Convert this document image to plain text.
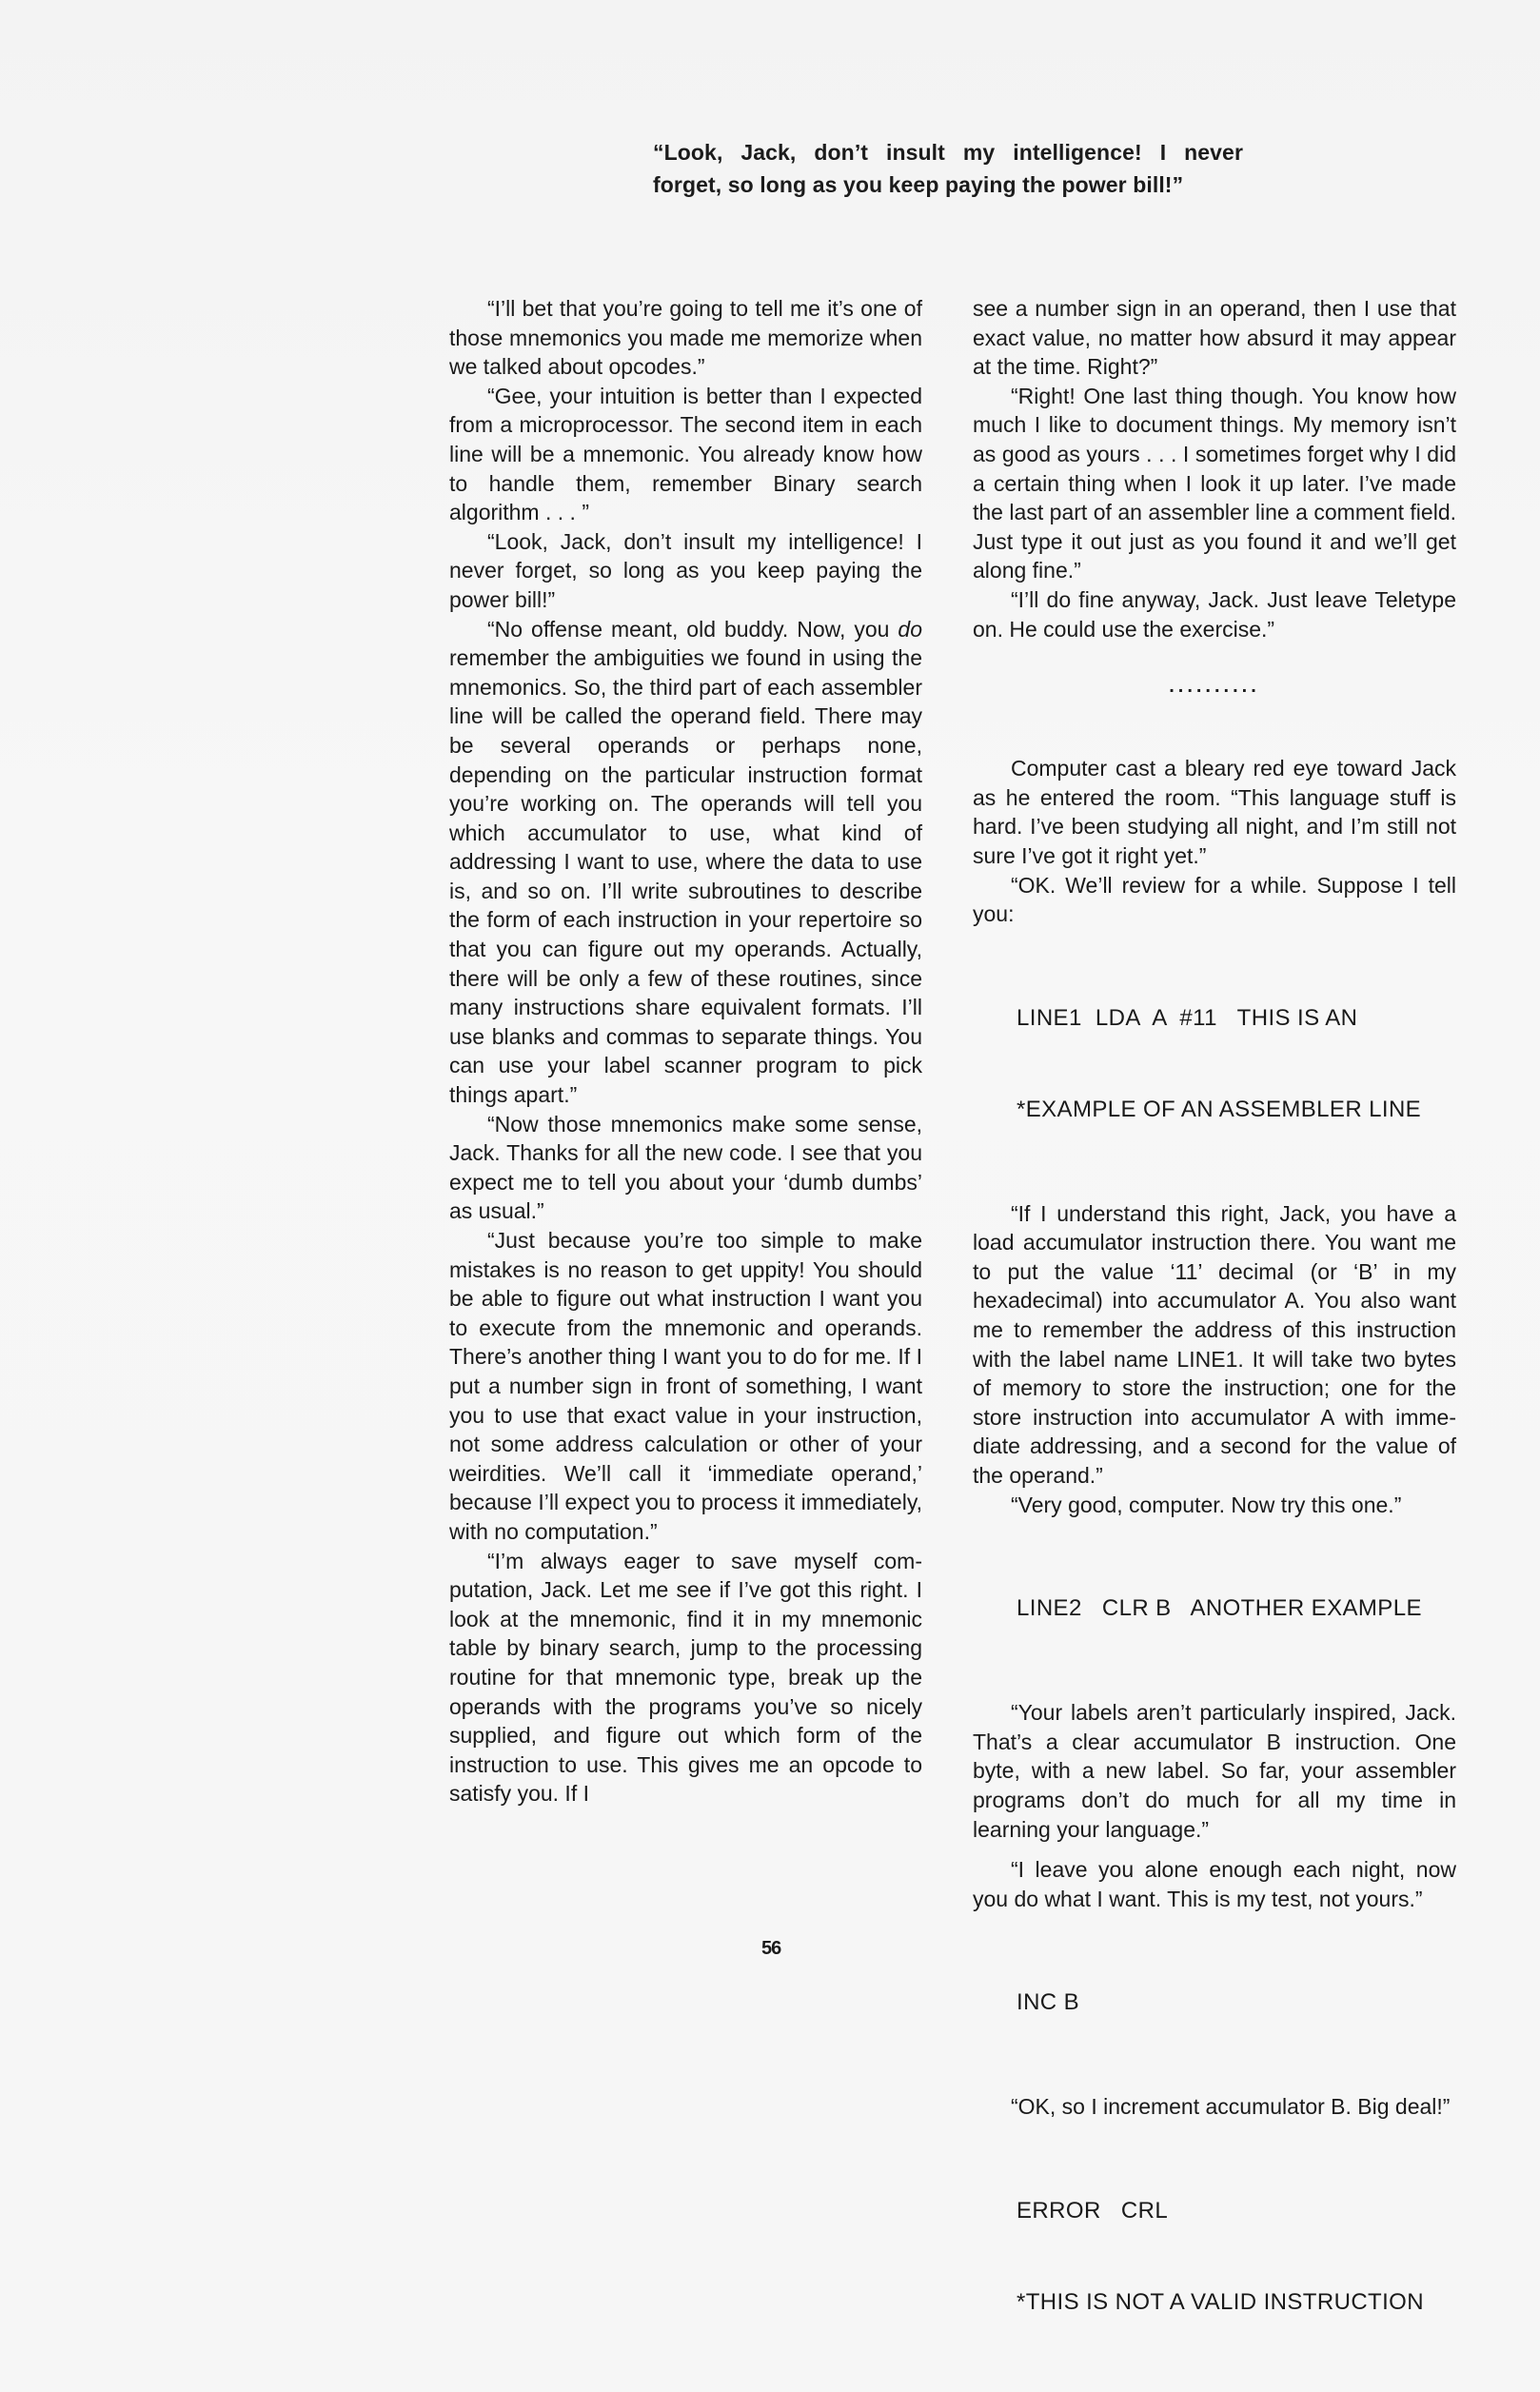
“Look, Jack, don’t insult my intelligence! I never
forget, so long as you keep paying the power bill!”

“I’ll bet that you’re going to tell me it’s one of those mnemonics you made me memorize when we talked about opcodes.”

“Gee, your intuition is better than I expected from a microprocessor. The second item in each line will be a mnemonic. You already know how to handle them, remember Binary search algorithm . . . ”

“Look, Jack, don’t insult my intelligence! I never forget, so long as you keep paying the power bill!”

“No offense meant, old buddy. Now, you do remember the ambiguities we found in using the mnemonics. So, the third part of each assembler line will be called the operand field. There may be several operands or perhaps none, depending on the particular instruction format you’re working on. The operands will tell you which accumulator to use, what kind of addressing I want to use, where the data to use is, and so on. I’ll write subroutines to describe the form of each instruction in your repertoire so that you can figure out my operands. Actually, there will be only a few of these routines, since many instructions share equivalent formats. I’ll use blanks and commas to separate things. You can use your label scanner program to pick things apart.”

“Now those mnemonics make some sense, Jack. Thanks for all the new code. I see that you expect me to tell you about your ‘dumb dumbs’ as usual.”

“Just because you’re too simple to make mistakes is no reason to get uppity! You should be able to figure out what instruction I want you to execute from the mnemonic and operands. There’s another thing I want you to do for me. If I put a number sign in front of something, I want you to use that exact value in your instruction, not some address calculation or other of your weirdities. We’ll call it ‘immediate operand,’ because I’ll expect you to process it immediately, with no computation.”

“I’m always eager to save myself computation, Jack. Let me see if I’ve got this right. I look at the mnemonic, find it in my mnemonic table by binary search, jump to the processing routine for that mnemonic type, break up the operands with the programs you’ve so nicely supplied, and figure out which form of the instruction to use. This gives me an opcode to satisfy you. If I

see a number sign in an operand, then I use that exact value, no matter how absurd it may appear at the time. Right?”

“Right! One last thing though. You know how much I like to document things. My memory isn’t as good as yours . . . I sometimes forget why I did a certain thing when I look it up later. I’ve made the last part of an assembler line a comment field. Just type it out just as you found it and we’ll get along fine.”

“I’ll do fine anyway, Jack. Just leave Teletype on. He could use the exercise.”

..........

Computer cast a bleary red eye toward Jack as he entered the room. “This language stuff is hard. I’ve been studying all night, and I’m still not sure I’ve got it right yet.”

“OK. We’ll review for a while. Suppose I tell you:

LINE1  LDA  A  #11   THIS IS AN

*EXAMPLE OF AN ASSEMBLER LINE

“If I understand this right, Jack, you have a load accumulator instruction there. You want me to put the value ‘11’ decimal (or ‘B’ in my hexadecimal) into accumulator A. You also want me to remember the address of this instruction with the label name LINE1. It will take two bytes of memory to store the instruction; one for the store instruction into accumulator A with immediate addressing, and a second for the value of the operand.”

“Very good, computer. Now try this one.”

LINE2   CLR B   ANOTHER EXAMPLE

“Your labels aren’t particularly inspired, Jack. That’s a clear accumulator B instruction. One byte, with a new label. So far, your assembler programs don’t do much for all my time in learning your language.”

“I leave you alone enough each night, now you do what I want. This is my test, not yours.”

INC B

“OK, so I increment accumulator B. Big deal!”

ERROR   CRL

*THIS IS NOT A VALID INSTRUCTION

56
